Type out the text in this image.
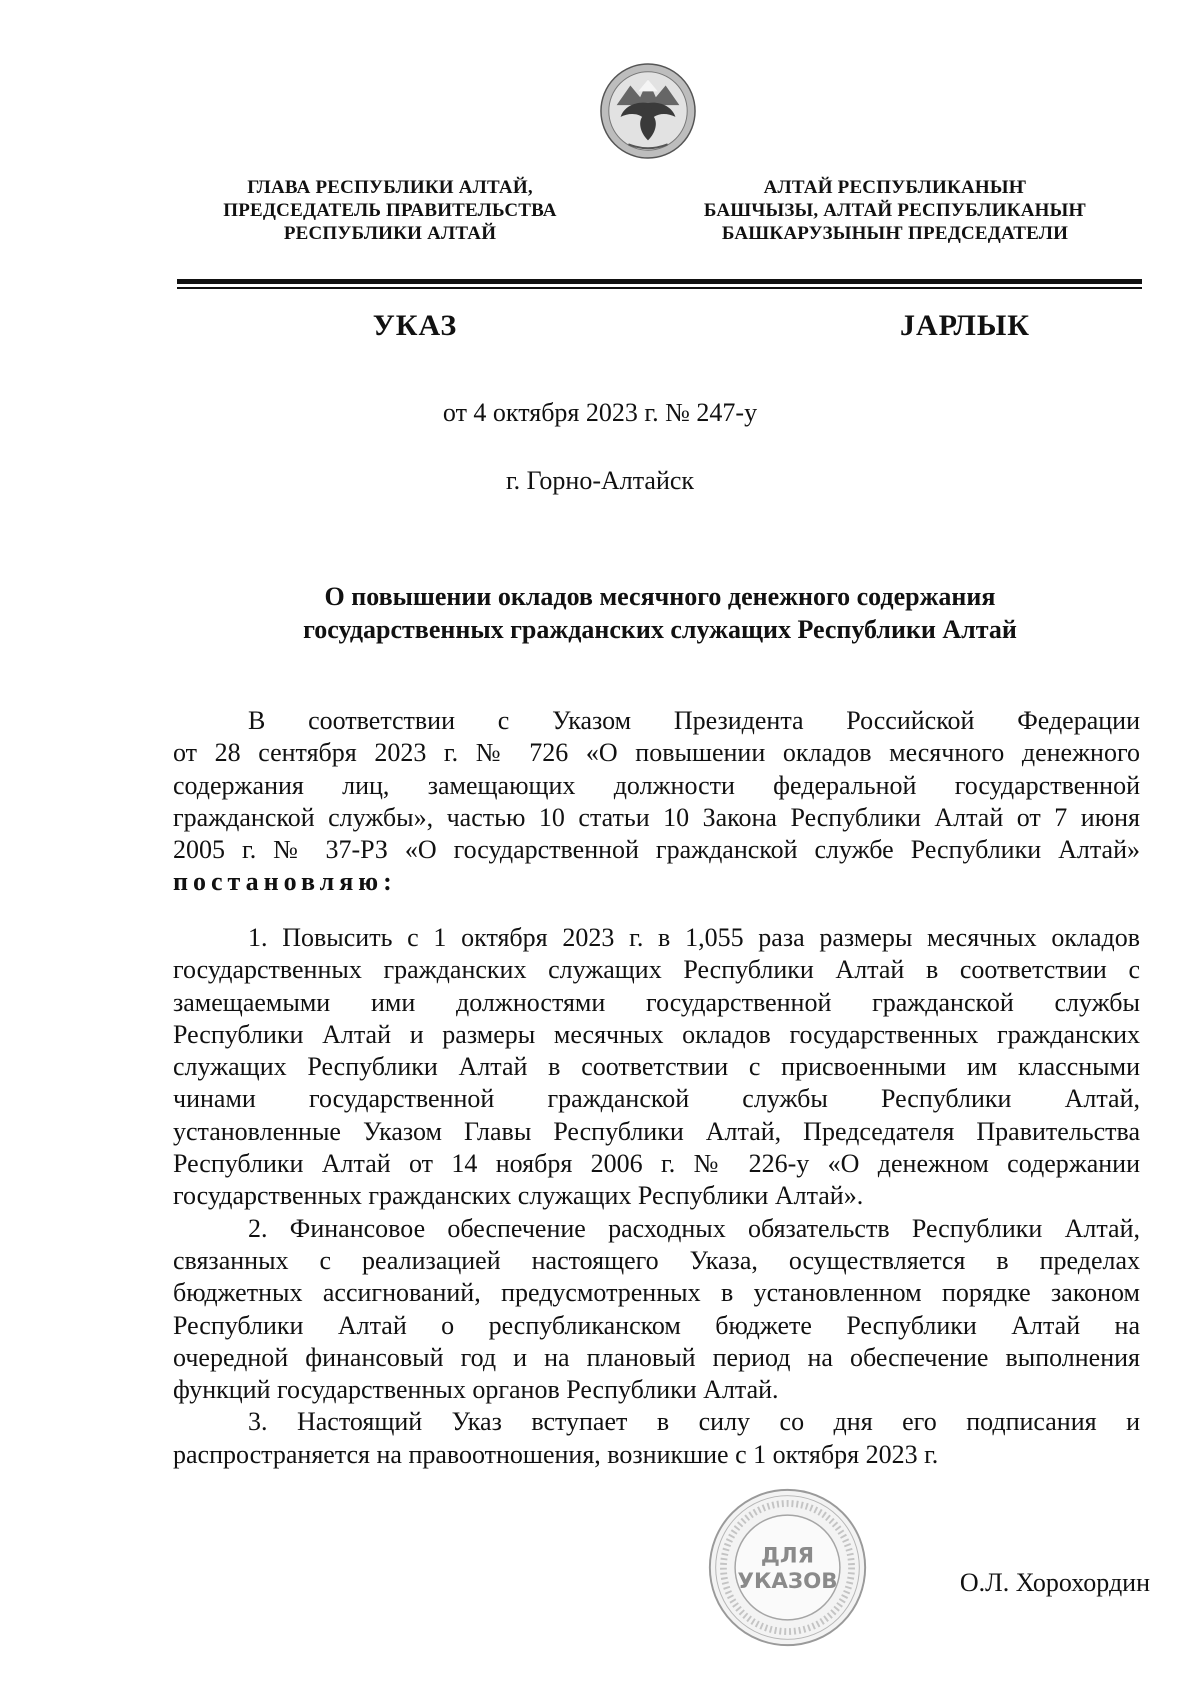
ГЛАВА РЕСПУБЛИКИ АЛТАЙ,
ПРЕДСЕДАТЕЛЬ ПРАВИТЕЛЬСТВА
РЕСПУБЛИКИ АЛТАЙ
АЛТАЙ РЕСПУБЛИКАНЫҤ
БАШЧЫЗЫ, АЛТАЙ РЕСПУБЛИКАНЫҤ
БАШКАРУЗЫНЫҤ ПРЕДСЕДАТЕЛИ
УКАЗ	ЈАРЛЫК
от 4 октября 2023 г. № 247-у
г. Горно-Алтайск
О повышении окладов месячного денежного содержания
государственных гражданских служащих Республики Алтай
В соответствии с Указом Президента Российской Федерации
от 28 сентября 2023 г. № 726 «О повышении окладов месячного денежного
содержания лиц, замещающих должности федеральной государственной
гражданской службы», частью 10 статьи 10 Закона Республики Алтай от 7 июня
2005 г. № 37-РЗ «О государственной гражданской службе Республики Алтай»
постановляю:
1. Повысить с 1 октября 2023 г. в 1,055 раза размеры месячных окладов
государственных гражданских служащих Республики Алтай в соответствии с
замещаемыми ими должностями государственной гражданской службы
Республики Алтай и размеры месячных окладов государственных гражданских
служащих Республики Алтай в соответствии с присвоенными им классными
чинами государственной гражданской службы Республики Алтай,
установленные Указом Главы Республики Алтай, Председателя Правительства
Республики Алтай от 14 ноября 2006 г. № 226-у «О денежном содержании
государственных гражданских служащих Республики Алтай».
2. Финансовое обеспечение расходных обязательств Республики Алтай,
связанных с реализацией настоящего Указа, осуществляется в пределах
бюджетных ассигнований, предусмотренных в установленном порядке законом
Республики Алтай о республиканском бюджете Республики Алтай на
очередной финансовый год и на плановый период на обеспечение выполнения
функций государственных органов Республики Алтай.
3. Настоящий Указ вступает в силу со дня его подписания и
распространяется на правоотношения, возникшие с 1 октября 2023 г.
ДЛЯ
УКАЗОВ	О.Л. Хорохордин
